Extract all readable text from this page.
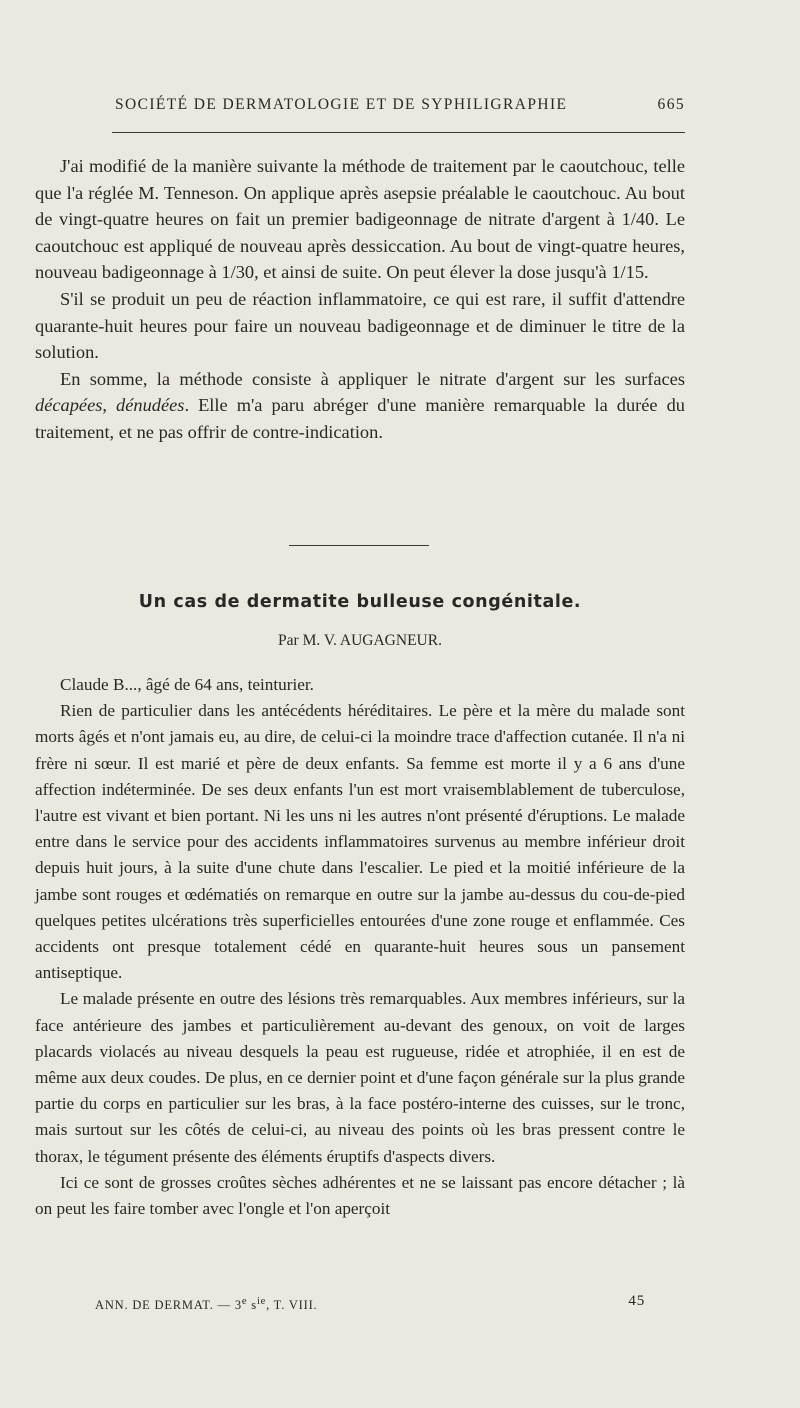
SOCIÉTÉ DE DERMATOLOGIE ET DE SYPHILIGRAPHIE	665

J'ai modifié de la manière suivante la méthode de traitement par le caoutchouc, telle que l'a réglée M. Tenneson. On applique après asepsie préalable le caoutchouc. Au bout de vingt-quatre heures on fait un premier badigeonnage de nitrate d'argent à 1/40. Le caoutchouc est appliqué de nouveau après dessiccation. Au bout de vingt-quatre heures, nouveau badigeonnage à 1/30, et ainsi de suite. On peut élever la dose jusqu'à 1/15.

S'il se produit un peu de réaction inflammatoire, ce qui est rare, il suffit d'attendre quarante-huit heures pour faire un nouveau badigeonnage et de diminuer le titre de la solution.

En somme, la méthode consiste à appliquer le nitrate d'argent sur les surfaces décapées, dénudées. Elle m'a paru abréger d'une manière remarquable la durée du traitement, et ne pas offrir de contre-indication.

Un cas de dermatite bulleuse congénitale.
Par M. V. AUGAGNEUR.

Claude B..., âgé de 64 ans, teinturier.

Rien de particulier dans les antécédents héréditaires. Le père et la mère du malade sont morts âgés et n'ont jamais eu, au dire, de celui-ci la moindre trace d'affection cutanée. Il n'a ni frère ni sœur. Il est marié et père de deux enfants. Sa femme est morte il y a 6 ans d'une affection indéterminée. De ses deux enfants l'un est mort vraisemblablement de tuberculose, l'autre est vivant et bien portant. Ni les uns ni les autres n'ont présenté d'éruptions. Le malade entre dans le service pour des accidents inflammatoires survenus au membre inférieur droit depuis huit jours, à la suite d'une chute dans l'escalier. Le pied et la moitié inférieure de la jambe sont rouges et œdématiés on remarque en outre sur la jambe au-dessus du cou-de-pied quelques petites ulcérations très superficielles entourées d'une zone rouge et enflammée. Ces accidents ont presque totalement cédé en quarante-huit heures sous un pansement antiseptique.

Le malade présente en outre des lésions très remarquables. Aux membres inférieurs, sur la face antérieure des jambes et particulièrement au-devant des genoux, on voit de larges placards violacés au niveau desquels la peau est rugueuse, ridée et atrophiée, il en est de même aux deux coudes. De plus, en ce dernier point et d'une façon générale sur la plus grande partie du corps en particulier sur les bras, à la face postéro-interne des cuisses, sur le tronc, mais surtout sur les côtés de celui-ci, au niveau des points où les bras pressent contre le thorax, le tégument présente des éléments éruptifs d'aspects divers.

Ici ce sont de grosses croûtes sèches adhérentes et ne se laissant pas encore détacher ; là on peut les faire tomber avec l'ongle et l'on aperçoit

ANN. DE DERMAT. — 3e $s^{ie}$, T. VIII.	45
